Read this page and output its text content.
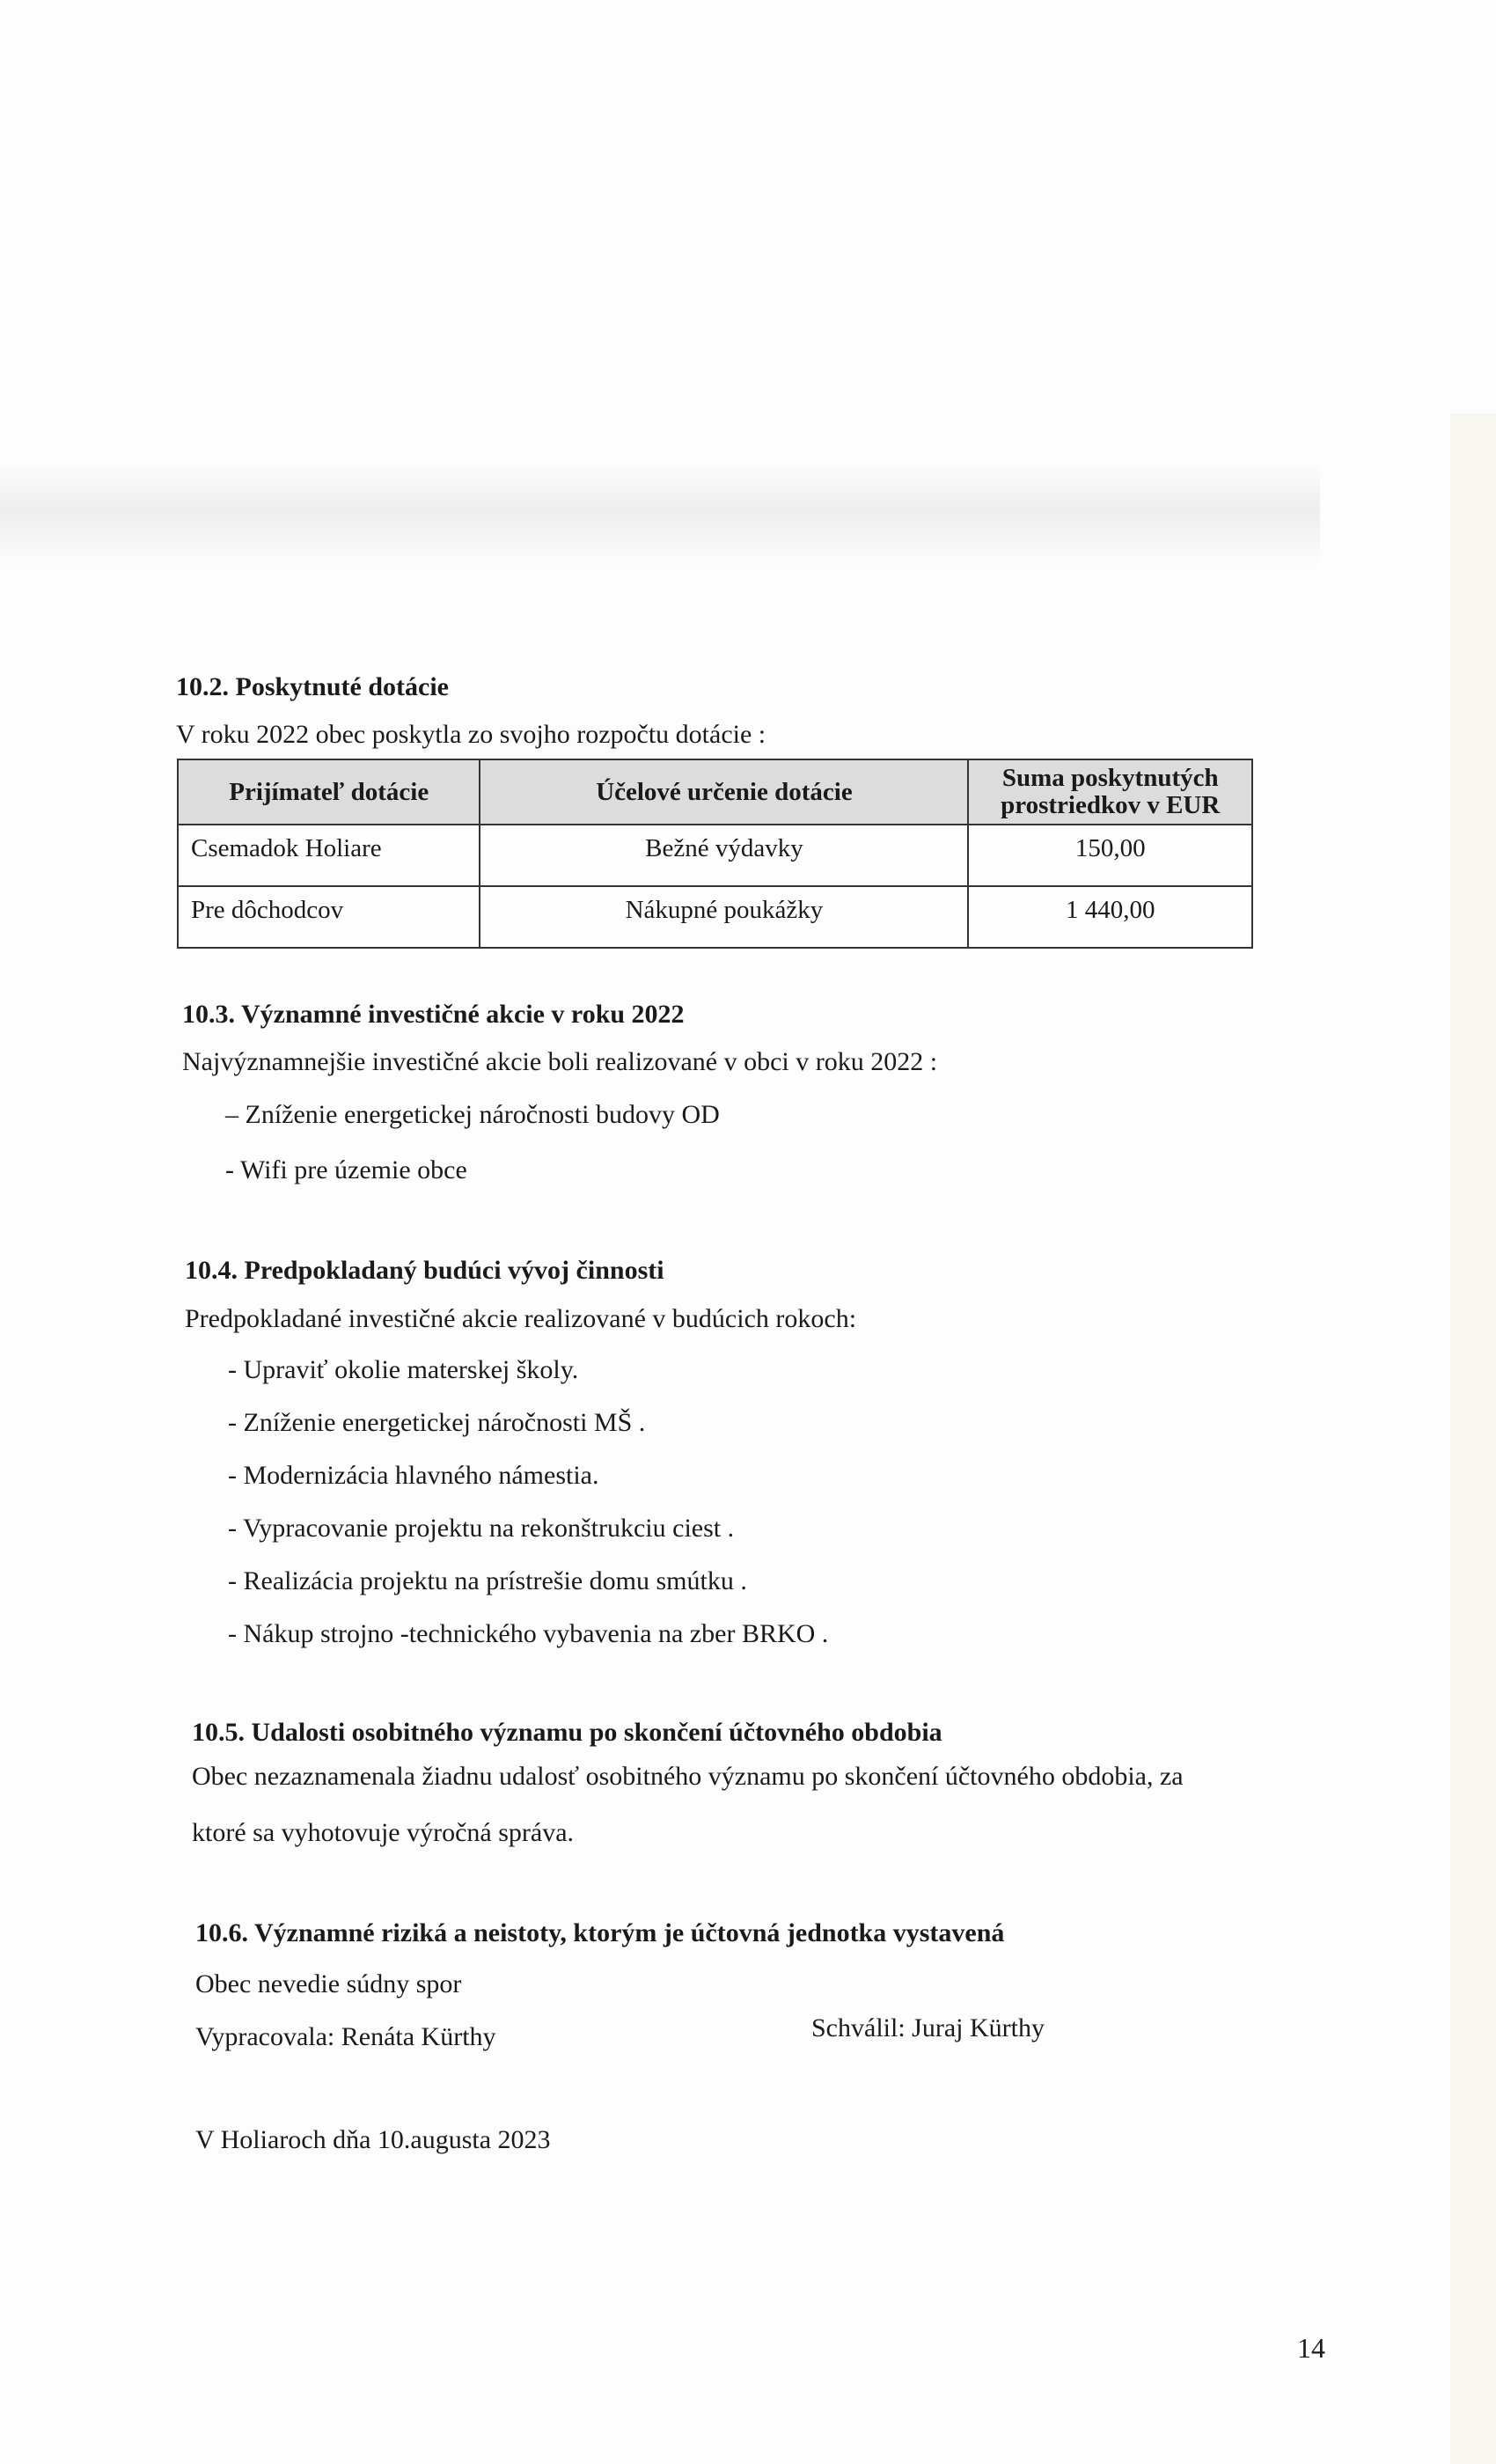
10.2. Poskytnuté dotácie
V roku 2022 obec poskytla zo svojho rozpočtu dotácie :
Prijímateľ dotácie	Účelové určenie dotácie	Suma poskytnutých prostriedkov v EUR
Csemadok Holiare	Bežné výdavky	150,00
Pre dôchodcov	Nákupné poukážky	1 440,00
10.3. Významné investičné akcie v roku 2022
Najvýznamnejšie investičné akcie boli realizované v obci v roku 2022 :
– Zníženie energetickej náročnosti budovy OD
- Wifi pre územie obce
10.4. Predpokladaný budúci vývoj činnosti
Predpokladané investičné akcie realizované v budúcich rokoch:
- Upraviť okolie materskej školy.
- Zníženie energetickej náročnosti MŠ .
- Modernizácia hlavného námestia.
- Vypracovanie projektu na rekonštrukciu ciest .
- Realizácia projektu na prístrešie domu smútku .
- Nákup strojno -technického vybavenia na zber BRKO .
10.5. Udalosti osobitného významu po skončení účtovného obdobia
Obec nezaznamenala žiadnu udalosť osobitného významu po skončení účtovného obdobia, za
ktoré sa vyhotovuje výročná správa.
10.6. Významné riziká a neistoty, ktorým je účtovná jednotka vystavená
Obec nevedie súdny spor
Vypracovala: Renáta Kürthy	Schválil: Juraj Kürthy
V Holiaroch dňa 10.augusta 2023
14
